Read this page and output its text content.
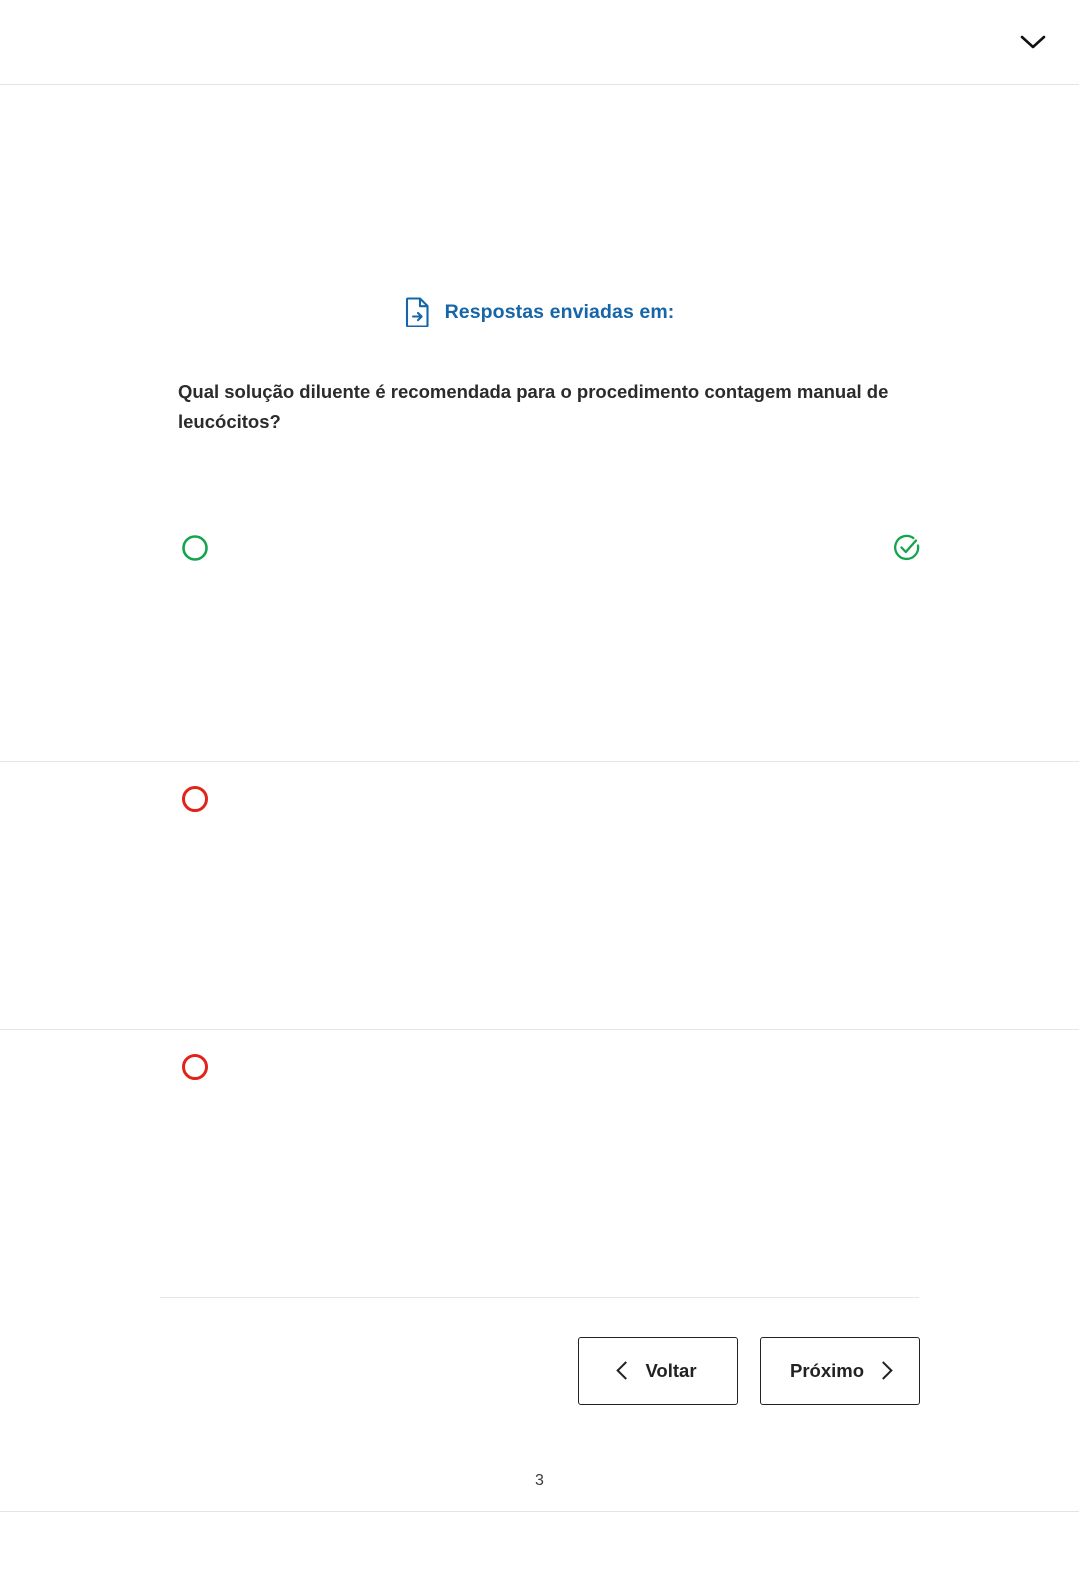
Respostas enviadas em:
Qual solução diluente é recomendada para o procedimento contagem manual de leucócitos?
Voltar	Próximo
3
